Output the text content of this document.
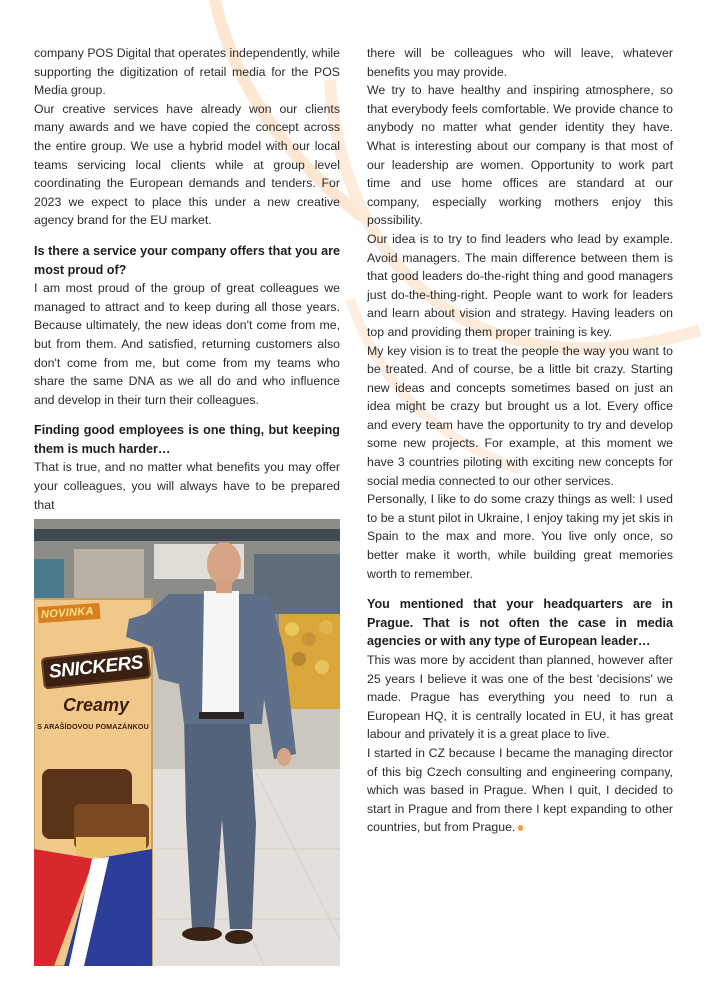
company POS Digital that operates independently, while supporting the digitization of retail media for the POS Media group.

Our creative services have already won our clients many awards and we have copied the concept across the entire group. We use a hybrid model with our local teams servicing local clients while at group level coordinating the European demands and tenders. For 2023 we expect to place this under a new creative agency brand for the EU market.

Is there a service your company offers that you are most proud of?

I am most proud of the group of great colleagues we managed to attract and to keep during all those years. Because ultimately, the new ideas don't come from me, but from them. And satisfied, returning customers also don't come from me, but come from my teams who share the same DNA as we all do and who influence and develop in their turn their colleagues.

Finding good employees is one thing, but keeping them is much harder…

That is true, and no matter what benefits you may offer your colleagues, you will always have to be prepared that

NOVINKA
SNICKERS
Creamy
S ARAŠÍDOVOU POMAZÁNKOU

there will be colleagues who will leave, whatever benefits you may provide.

We try to have healthy and inspiring atmosphere, so that everybody feels comfortable. We provide chance to anybody no matter what gender identity they have. What is interesting about our company is that most of our leadership are women. Opportunity to work part time and use home offices are standard at our company, especially working mothers enjoy this possibility.

Our idea is to try to find leaders who lead by example. Avoid managers. The main difference between them is that good leaders do-the-right thing and good managers just do-the-thing-right. People want to work for leaders and learn about vision and strategy. Having leaders on top and providing them proper training is key.

My key vision is to treat the people the way you want to be treated. And of course, be a little bit crazy. Starting new ideas and concepts sometimes based on just an idea might be crazy but brought us a lot. Every office and every team have the opportunity to try and develop some new projects. For example, at this moment we have 3 countries piloting with exciting new concepts for social media connected to our other services.

Personally, I like to do some crazy things as well: I used to be a stunt pilot in Ukraine, I enjoy taking my jet skis in Spain to the max and more. You live only once, so better make it worth, while building great memories worth to remember.

You mentioned that your headquarters are in Prague. That is not often the case in media agencies or with any type of European leader…

This was more by accident than planned, however after 25 years I believe it was one of the best 'decisions' we made. Prague has everything you need to run a European HQ, it is centrally located in EU, it has great labour and privately it is a great place to live.

I started in CZ because I became the managing director of this big Czech consulting and engineering company, which was based in Prague. When I quit, I decided to start in Prague and from there I kept expanding to other countries, but from Prague.
